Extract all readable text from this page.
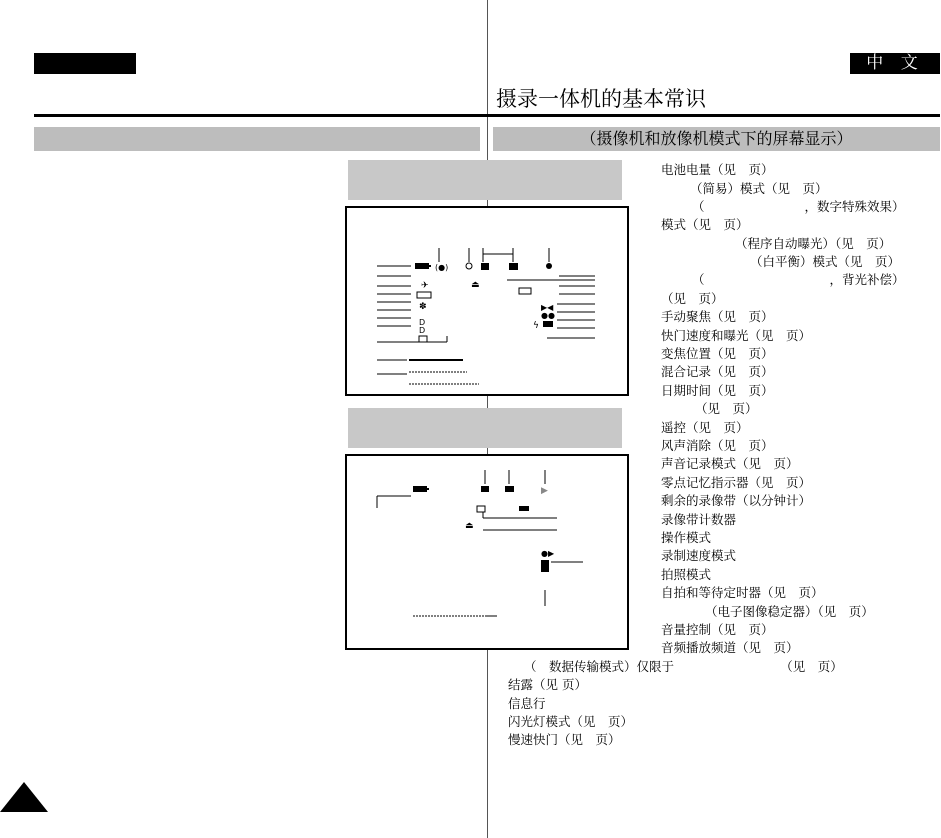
中 文
摄录一体机的基本常识
（摄像机和放像机模式下的屏幕显示）
(●)
✈
✽
D
D
⏏
▶◀
●●
ϟ
▶
⏏
●▶
电池电量（见　页）
（简易）模式（见　页）
（　　　　　　　　，数字特殊效果）
模式（见　页）
（程序自动曝光）（见　页）
（白平衡）模式（见　页）
（　　　　　　　　　　，背光补偿）
（见　页）
手动聚焦（见　页）
快门速度和曝光（见　页）
变焦位置（见　页）
混合记录（见　页）
日期时间（见　页）
（见　页）
遥控（见　页）
风声消除（见　页）
声音记录模式（见　页）
零点记忆指示器（见　页）
剩余的录像带（以分钟计）
录像带计数器
操作模式
录制速度模式
拍照模式
自拍和等待定时器（见　页）
（电子图像稳定器）（见　页）
音量控制（见　页）
音频播放频道（见　页）
（　数据传输模式）仅限于　　　　　　　　　（见　页）
结露（见 页）
信息行
闪光灯模式（见　页）
慢速快门（见　页）
